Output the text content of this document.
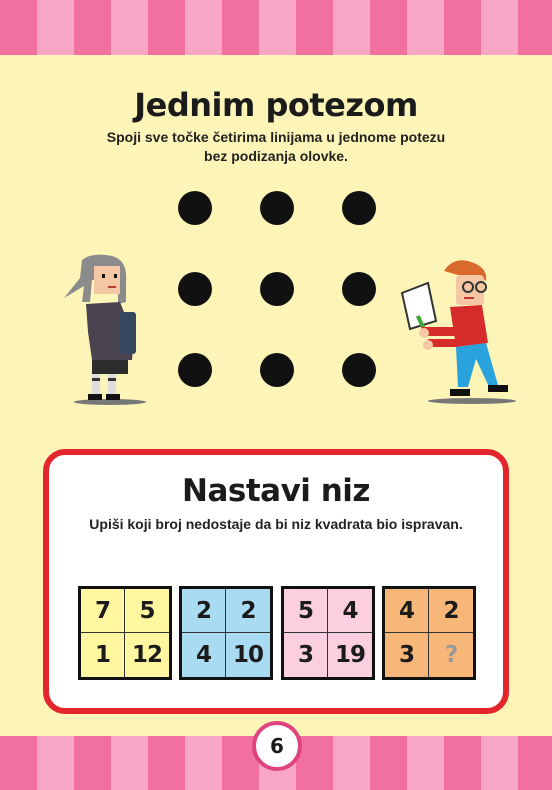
Jednim potezom
Spoji sve točke četirima linijama u jednome potezu
bez podizanja olovke.
Nastavi niz
Upiši koji broj nedostaje da bi niz kvadrata bio ispravan.
7	5
1 12
2	2
4 10
5	4
3 19
4	2
3	?
6
